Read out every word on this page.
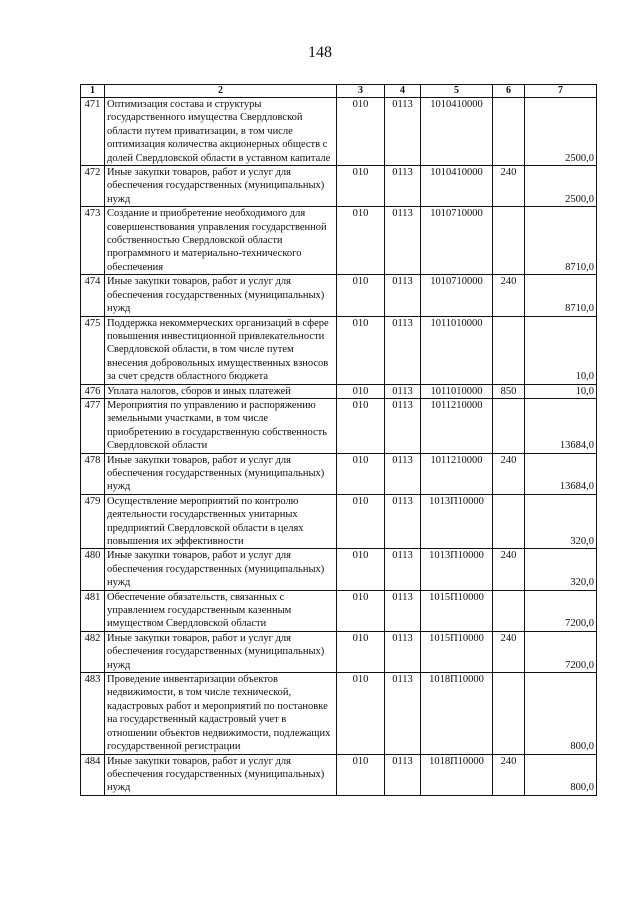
148
1	2	3	4	5	6	7
471	Оптимизация состава и структуры государственного имущества Свердловской области путем приватизации, в том числе оптимизация количества акционерных обществ с долей Свердловской области в уставном капитале	010	0113	1010410000		2500,0
472	Иные закупки товаров, работ и услуг для обеспечения государственных (муниципальных) нужд	010	0113	1010410000	240	2500,0
473	Создание и приобретение необходимого для совершенствования управления государственной собственностью Свердловской области программного и материально-технического обеспечения	010	0113	1010710000		8710,0
474	Иные закупки товаров, работ и услуг для обеспечения государственных (муниципальных) нужд	010	0113	1010710000	240	8710,0
475	Поддержка некоммерческих организаций в сфере повышения инвестиционной привлекательности Свердловской области, в том числе путем внесения добровольных имущественных взносов за счет средств областного бюджета	010	0113	1011010000		10,0
476	Уплата налогов, сборов и иных платежей	010	0113	1011010000	850	10,0
477	Мероприятия по управлению и распоряжению земельными участками, в том числе приобретению в государственную собственность Свердловской области	010	0113	1011210000		13684,0
478	Иные закупки товаров, работ и услуг для обеспечения государственных (муниципальных) нужд	010	0113	1011210000	240	13684,0
479	Осуществление мероприятий по контролю деятельности государственных унитарных предприятий Свердловской области в целях повышения их эффективности	010	0113	1013П10000		320,0
480	Иные закупки товаров, работ и услуг для обеспечения государственных (муниципальных) нужд	010	0113	1013П10000	240	320,0
481	Обеспечение обязательств, связанных с управлением государственным казенным имуществом Свердловской области	010	0113	1015П10000		7200,0
482	Иные закупки товаров, работ и услуг для обеспечения государственных (муниципальных) нужд	010	0113	1015П10000	240	7200,0
483	Проведение инвентаризации объектов недвижимости, в том числе технической, кадастровых работ и мероприятий по постановке на государственный кадастровый учет в отношении объектов недвижимости, подлежащих государственной регистрации	010	0113	1018П10000		800,0
484	Иные закупки товаров, работ и услуг для обеспечения государственных (муниципальных) нужд	010	0113	1018П10000	240	800,0
